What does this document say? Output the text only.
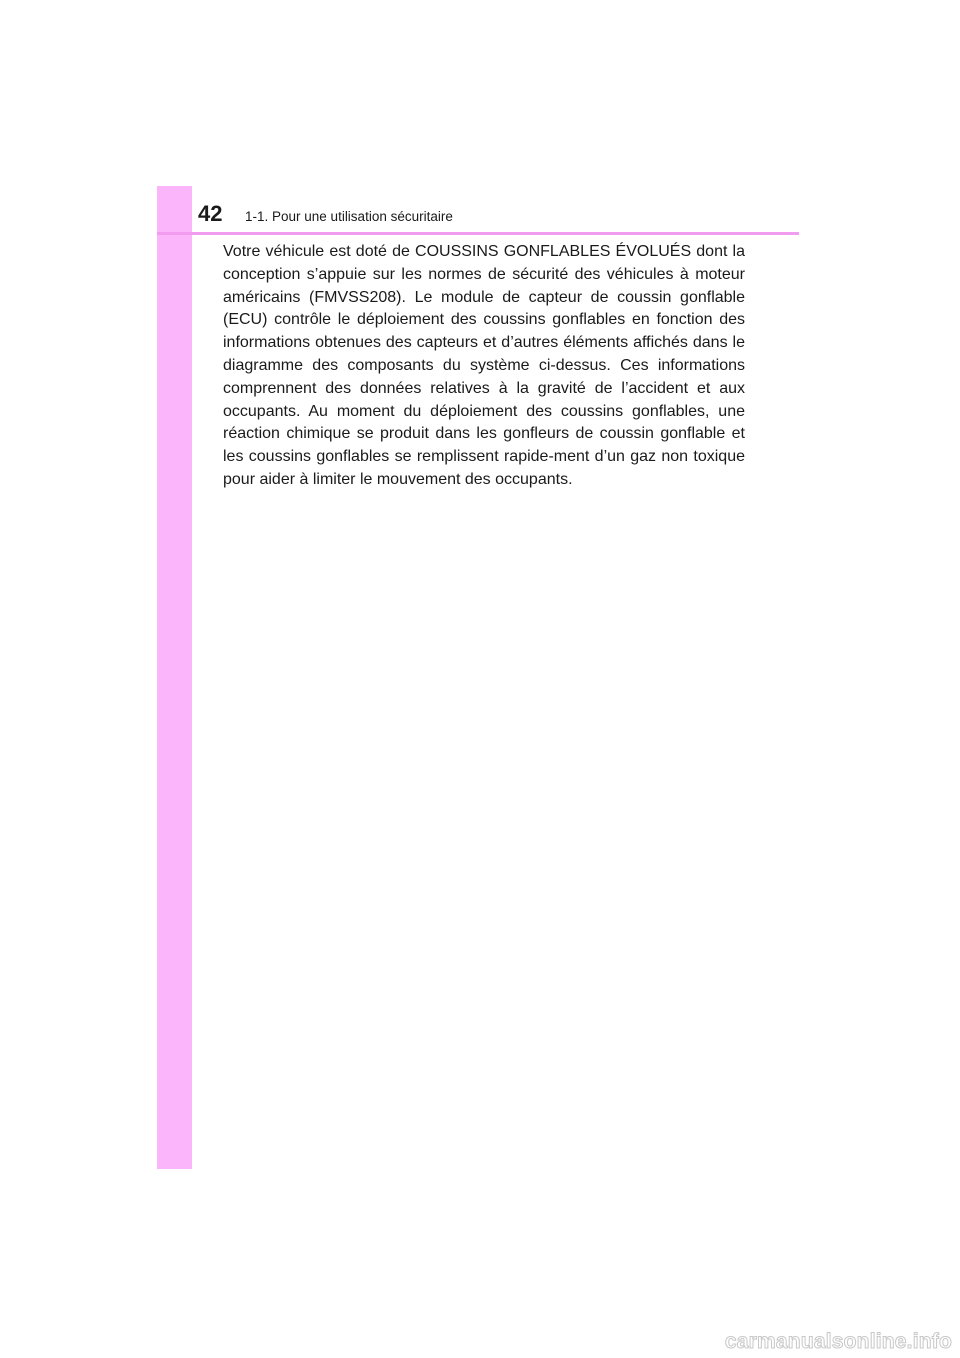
42 1-1. Pour une utilisation sécuritaire

Votre véhicule est doté de COUSSINS GONFLABLES ÉVOLUÉS dont la conception s’appuie sur les normes de sécurité des véhicules à moteur américains (FMVSS208). Le module de capteur de coussin gonflable (ECU) contrôle le déploiement des coussins gonflables en fonction des informations obtenues des capteurs et d’autres éléments affichés dans le diagramme des composants du système ci-dessus. Ces informations comprennent des données relatives à la gravité de l’accident et aux occupants. Au moment du déploiement des coussins gonflables, une réaction chimique se produit dans les gonfleurs de coussin gonflable et les coussins gonflables se remplissent rapide-ment d’un gaz non toxique pour aider à limiter le mouvement des occupants.

carmanualsonline.info
